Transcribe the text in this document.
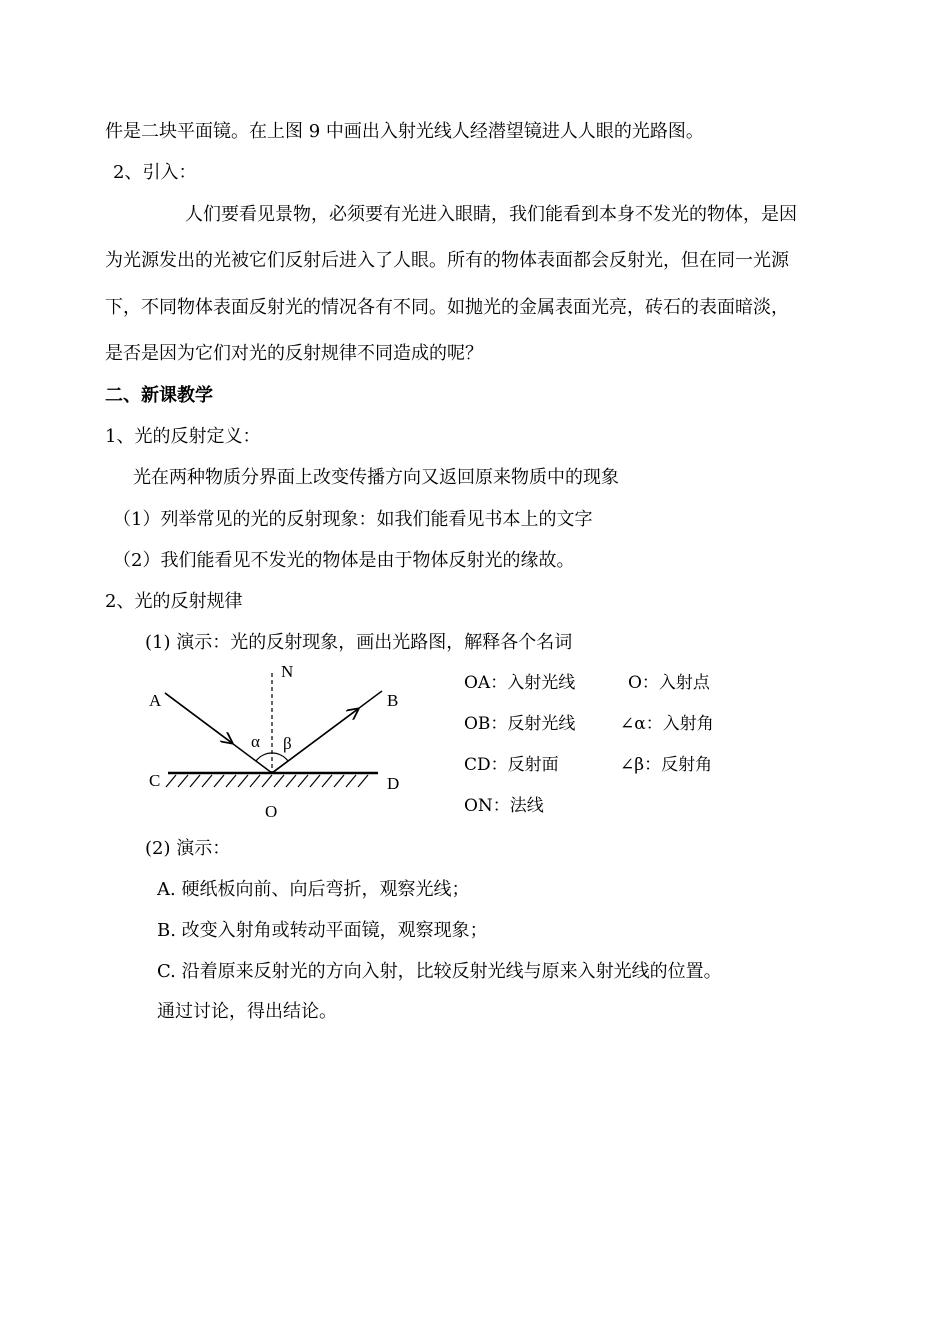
件是二块平面镜。在上图 9 中画出入射光线人经潜望镜进人人眼的光路图。
2、引入：
人们要看见景物，必须要有光进入眼睛，我们能看到本身不发光的物体，是因
为光源发出的光被它们反射后进入了人眼。所有的物体表面都会反射光，但在同一光源
下，不同物体表面反射光的情况各有不同。如抛光的金属表面光亮，砖石的表面暗淡，
是否是因为它们对光的反射规律不同造成的呢？
二、新课教学
1、光的反射定义：
光在两种物质分界面上改变传播方向又返回原来物质中的现象
（1）列举常见的光的反射现象：如我们能看见书本上的文字
（2）我们能看见不发光的物体是由于物体反射光的缘故。
2、光的反射规律
(1) 演示：光的反射现象，画出光路图，解释各个名词
A	B
N
C	D
O
α β
OA：入射光线	O：入射点
OB：反射光线	∠α：入射角
CD：反射面	∠β：反射角
ON：法线
(2) 演示：
A. 硬纸板向前、向后弯折，观察光线；
B. 改变入射角或转动平面镜，观察现象；
C. 沿着原来反射光的方向入射，比较反射光线与原来入射光线的位置。
通过讨论，得出结论。
